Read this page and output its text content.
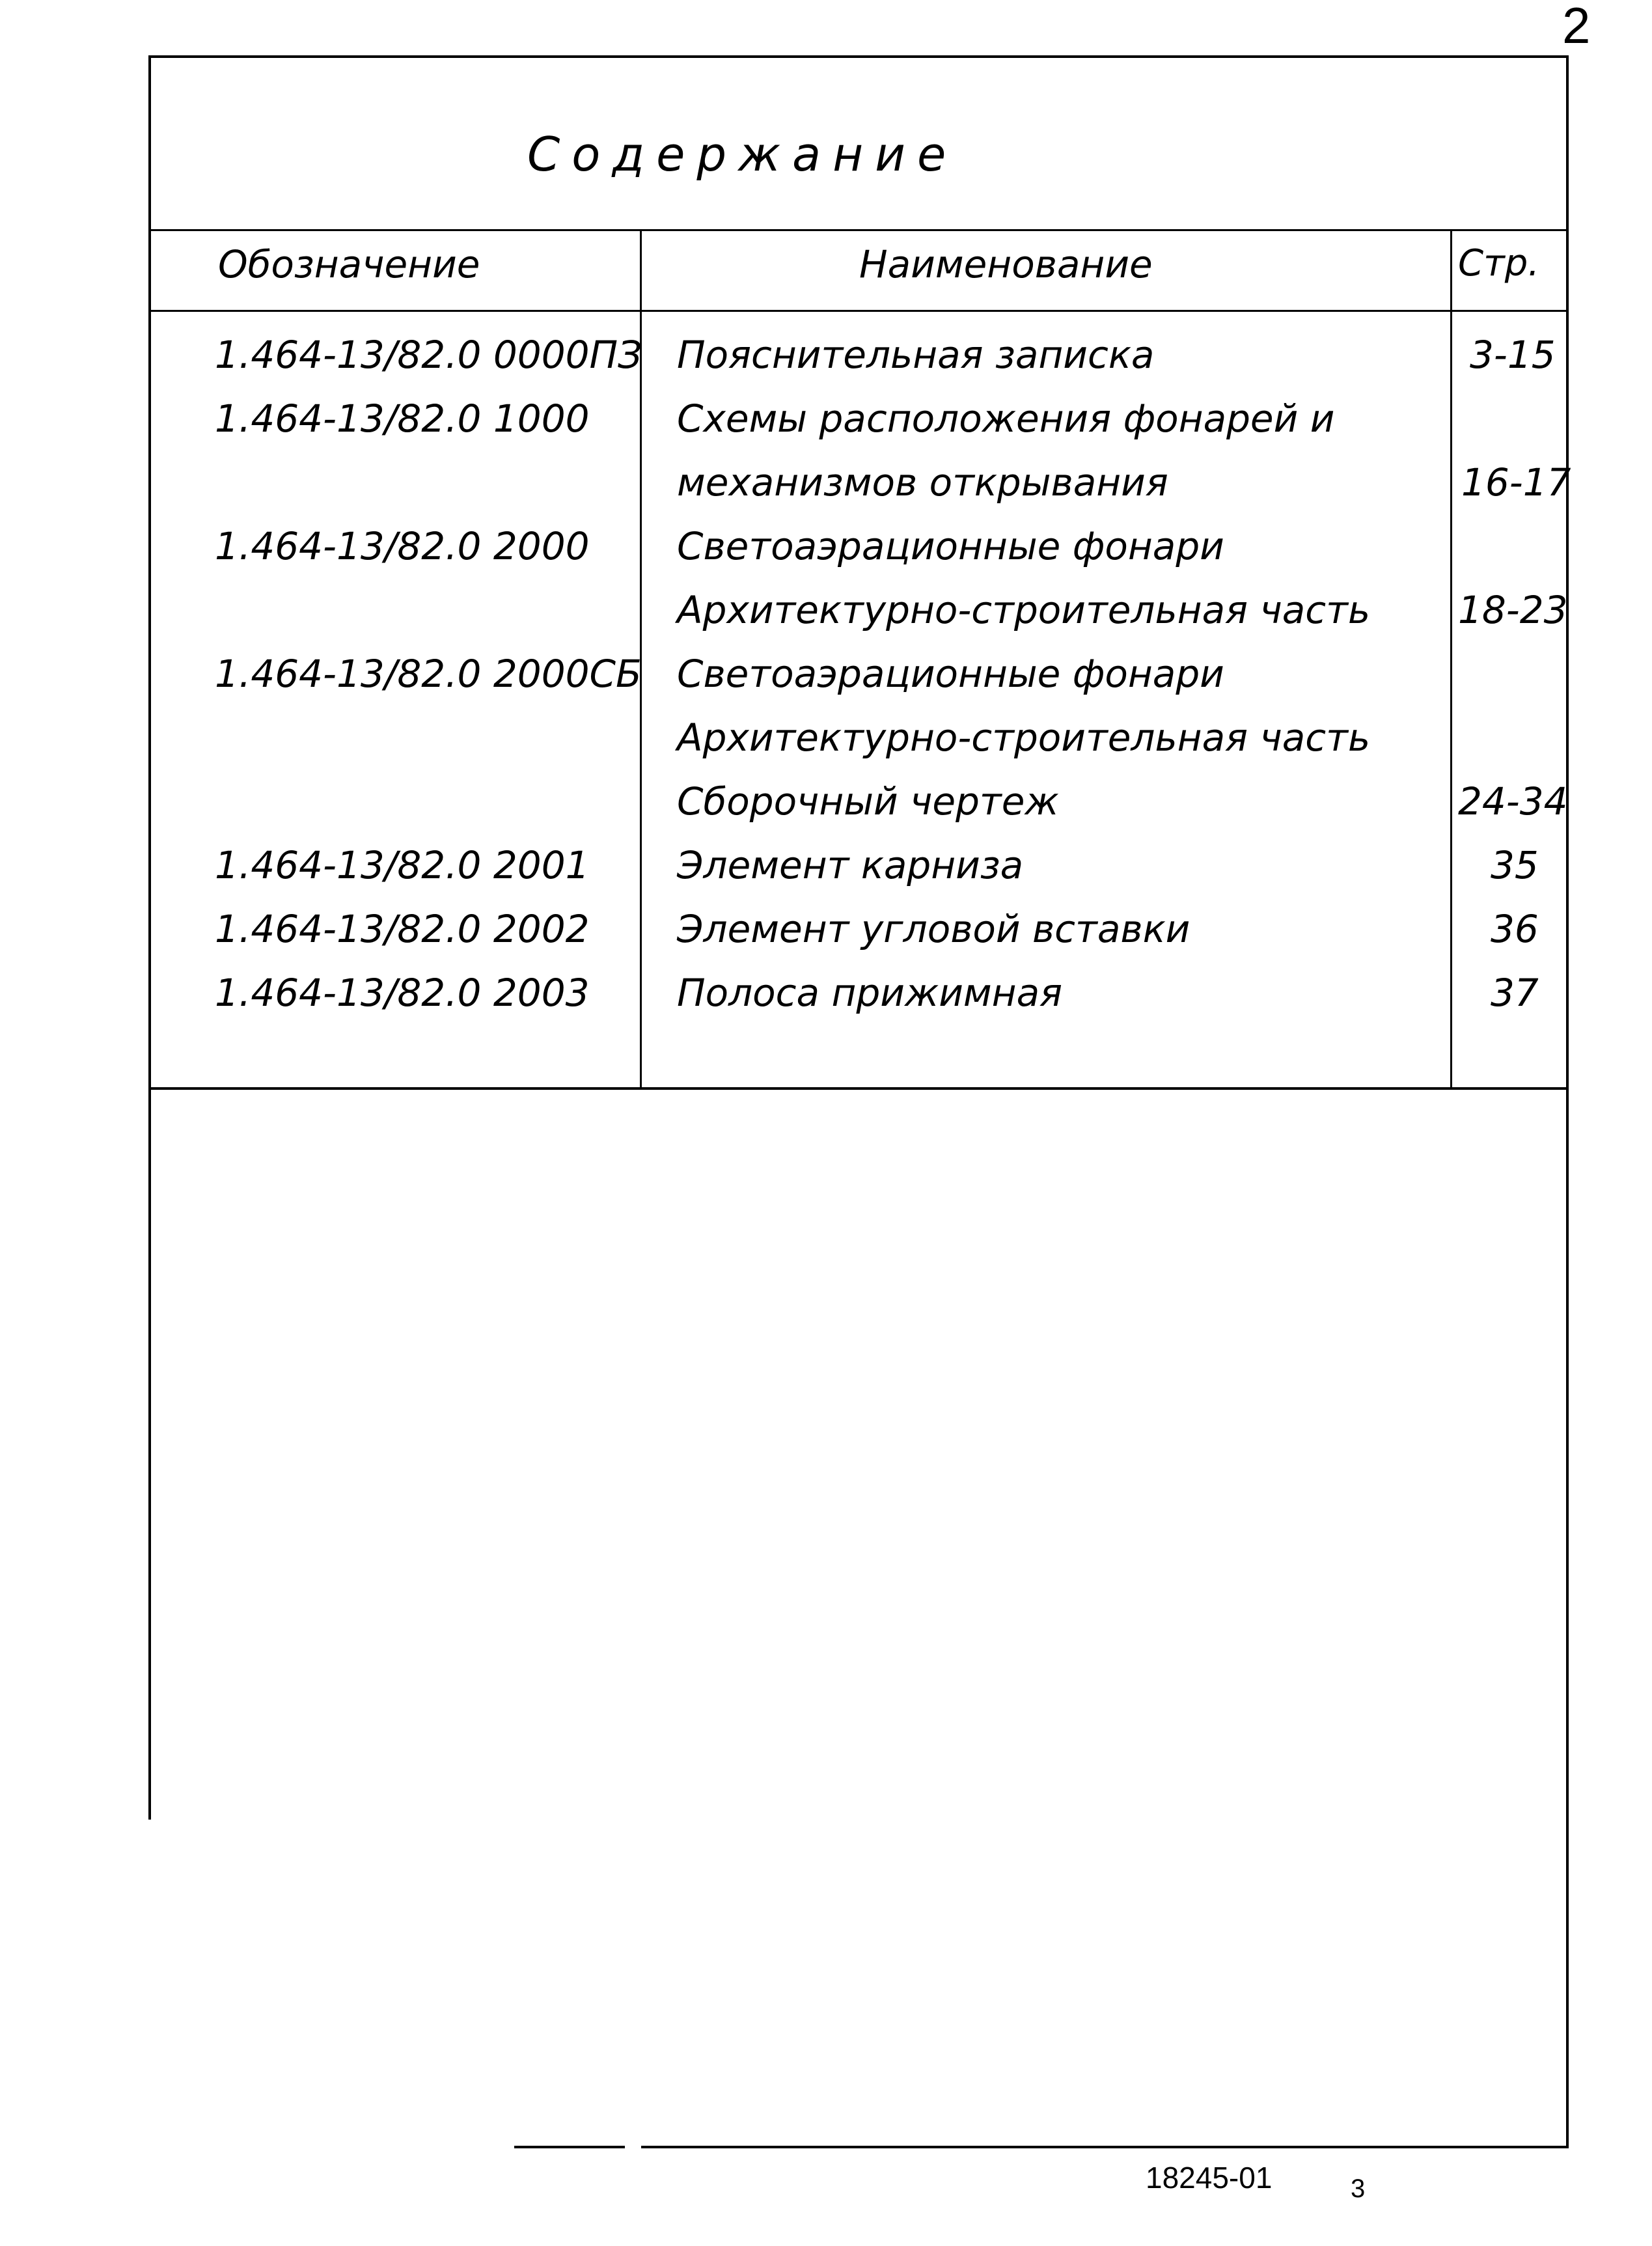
2
Содержание
Обозначение	Наименование	Стр.
1.464-13/82.0 0000ПЗ Пояснительная записка	3-15
1.464-13/82.0 1000 Схемы расположения фонарей и
механизмов открывания	16-17
1.464-13/82.0 2000 Светоаэрационные фонари
Архитектурно-строительная часть 18-23
1.464-13/82.0 2000СБ Светоаэрационные фонари
Архитектурно-строительная часть
Сборочный чертеж	24-34
1.464-13/82.0 2001 Элемент карниза	35
1.464-13/82.0 2002 Элемент угловой вставки	36
1.464-13/82.0 2003 Полоса прижимная	37
18245-01	3
